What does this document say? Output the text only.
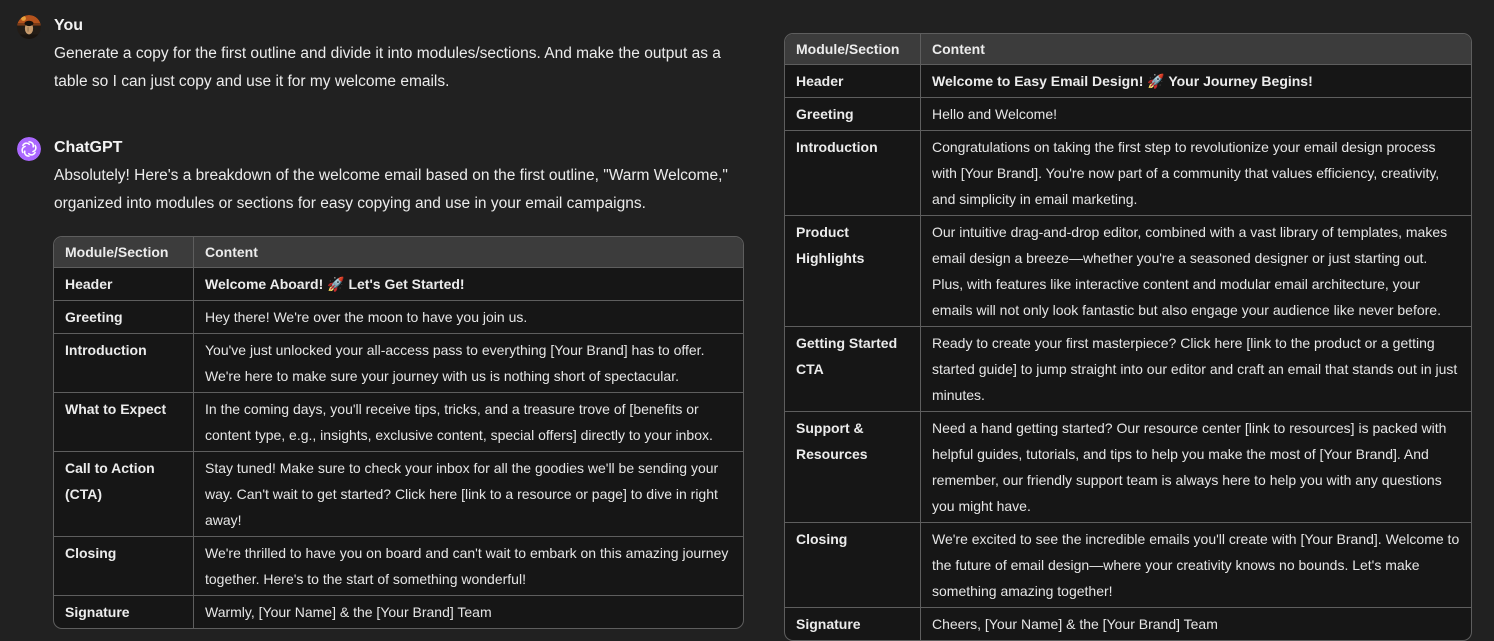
You
Generate a copy for the first outline and divide it into modules/sections. And make the output as a table so I can just copy and use it for my welcome emails.
ChatGPT
Absolutely! Here's a breakdown of the welcome email based on the first outline, "Warm Welcome," organized into modules or sections for easy copying and use in your email campaigns.
Module/Section	Content
Header	Welcome Aboard! 🚀 Let's Get Started!
Greeting	Hey there! We're over the moon to have you join us.
Introduction	You've just unlocked your all-access pass to everything [Your Brand] has to offer. We're here to make sure your journey with us is nothing short of spectacular.
What to Expect	In the coming days, you'll receive tips, tricks, and a treasure trove of [benefits or content type, e.g., insights, exclusive content, special offers] directly to your inbox.
Call to Action (CTA)	Stay tuned! Make sure to check your inbox for all the goodies we'll be sending your way. Can't wait to get started? Click here [link to a resource or page] to dive in right away!
Closing	We're thrilled to have you on board and can't wait to embark on this amazing journey together. Here's to the start of something wonderful!
Signature	Warmly, [Your Name] & the [Your Brand] Team
Module/Section	Content
Header	Welcome to Easy Email Design! 🚀 Your Journey Begins!
Greeting	Hello and Welcome!
Introduction	Congratulations on taking the first step to revolutionize your email design process with [Your Brand]. You're now part of a community that values efficiency, creativity, and simplicity in email marketing.
Product Highlights	Our intuitive drag-and-drop editor, combined with a vast library of templates, makes email design a breeze—whether you're a seasoned designer or just starting out. Plus, with features like interactive content and modular email architecture, your emails will not only look fantastic but also engage your audience like never before.
Getting Started CTA	Ready to create your first masterpiece? Click here [link to the product or a getting started guide] to jump straight into our editor and craft an email that stands out in just minutes.
Support & Resources	Need a hand getting started? Our resource center [link to resources] is packed with helpful guides, tutorials, and tips to help you make the most of [Your Brand]. And remember, our friendly support team is always here to help you with any questions you might have.
Closing	We're excited to see the incredible emails you'll create with [Your Brand]. Welcome to the future of email design—where your creativity knows no bounds. Let's make something amazing together!
Signature	Cheers, [Your Name] & the [Your Brand] Team
